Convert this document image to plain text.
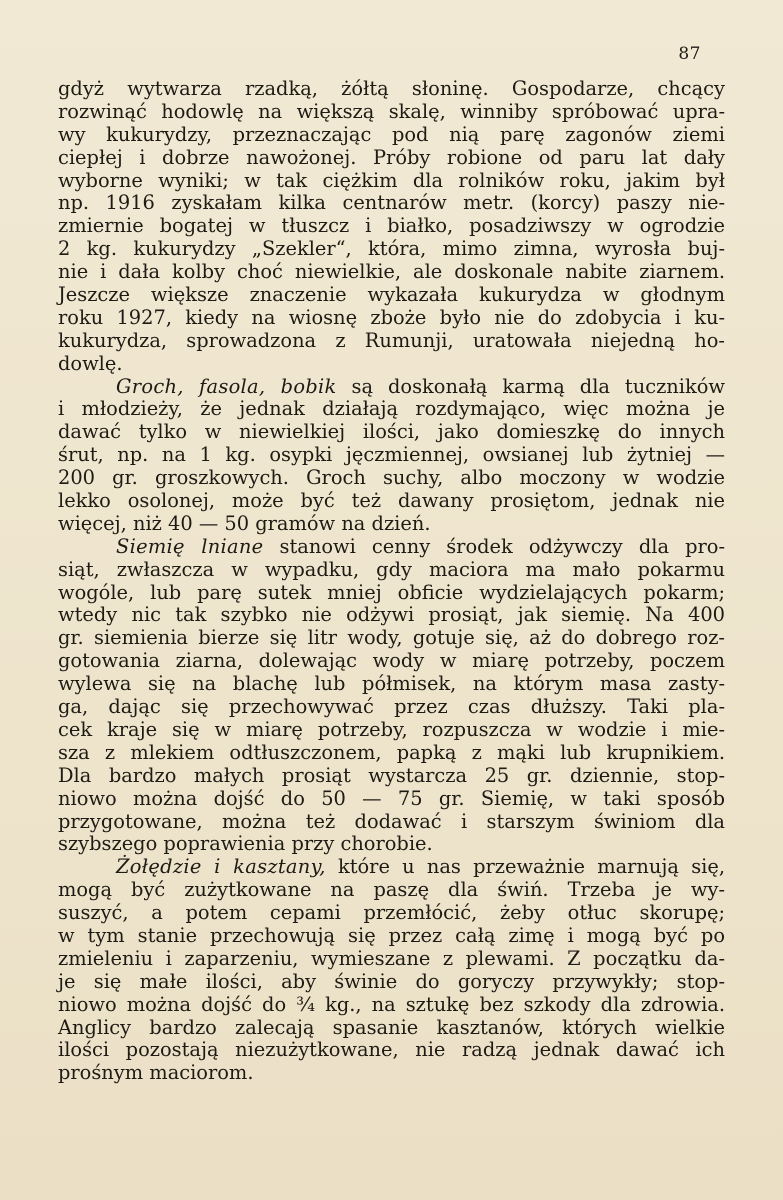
87
gdyż wytwarza rzadką, żółtą słoninę. Gospodarze, chcący
rozwinąć hodowlę na większą skalę, winniby spróbować upra-
wy kukurydzy, przeznaczając pod nią parę zagonów ziemi
ciepłej i dobrze nawożonej. Próby robione od paru lat dały
wyborne wyniki; w tak ciężkim dla rolników roku, jakim był
np. 1916 zyskałam kilka centnarów metr. (korcy) paszy nie-
zmiernie bogatej w tłuszcz i białko, posadziwszy w ogrodzie
2 kg. kukurydzy „Szekler“, która, mimo zimna, wyrosła buj-
nie i dała kolby choć niewielkie, ale doskonale nabite ziarnem.
Jeszcze większe znaczenie wykazała kukurydza w głodnym
roku 1927, kiedy na wiosnę zboże było nie do zdobycia i ku-
kukurydza, sprowadzona z Rumunji, uratowała niejedną ho-
dowlę.
Groch, fasola, bobik są doskonałą karmą dla tuczników
i młodzieży, że jednak działają rozdymająco, więc można je
dawać tylko w niewielkiej ilości, jako domieszkę do innych
śrut, np. na 1 kg. osypki jęczmiennej, owsianej lub żytniej —
200 gr. groszkowych. Groch suchy, albo moczony w wodzie
lekko osolonej, może być też dawany prosiętom, jednak nie
więcej, niż 40 — 50 gramów na dzień.
Siemię lniane stanowi cenny środek odżywczy dla pro-
siąt, zwłaszcza w wypadku, gdy maciora ma mało pokarmu
wogóle, lub parę sutek mniej obficie wydzielających pokarm;
wtedy nic tak szybko nie odżywi prosiąt, jak siemię. Na 400
gr. siemienia bierze się litr wody, gotuje się, aż do dobrego roz-
gotowania ziarna, dolewając wody w miarę potrzeby, poczem
wylewa się na blachę lub półmisek, na którym masa zasty-
ga, dając się przechowywać przez czas dłuższy. Taki pla-
cek kraje się w miarę potrzeby, rozpuszcza w wodzie i mie-
sza z mlekiem odtłuszczonem, papką z mąki lub krupnikiem.
Dla bardzo małych prosiąt wystarcza 25 gr. dziennie, stop-
niowo można dojść do 50 — 75 gr. Siemię, w taki sposób
przygotowane, można też dodawać i starszym świniom dla
szybszego poprawienia przy chorobie.
Żołędzie i kasztany, które u nas przeważnie marnują się,
mogą być zużytkowane na paszę dla świń. Trzeba je wy-
suszyć, a potem cepami przemłócić, żeby otłuc skorupę;
w tym stanie przechowują się przez całą zimę i mogą być po
zmieleniu i zaparzeniu, wymieszane z plewami. Z początku da-
je się małe ilości, aby świnie do goryczy przywykły; stop-
niowo można dojść do ¾ kg., na sztukę bez szkody dla zdrowia.
Anglicy bardzo zalecają spasanie kasztanów, których wielkie
ilości pozostają niezużytkowane, nie radzą jednak dawać ich
prośnym maciorom.
